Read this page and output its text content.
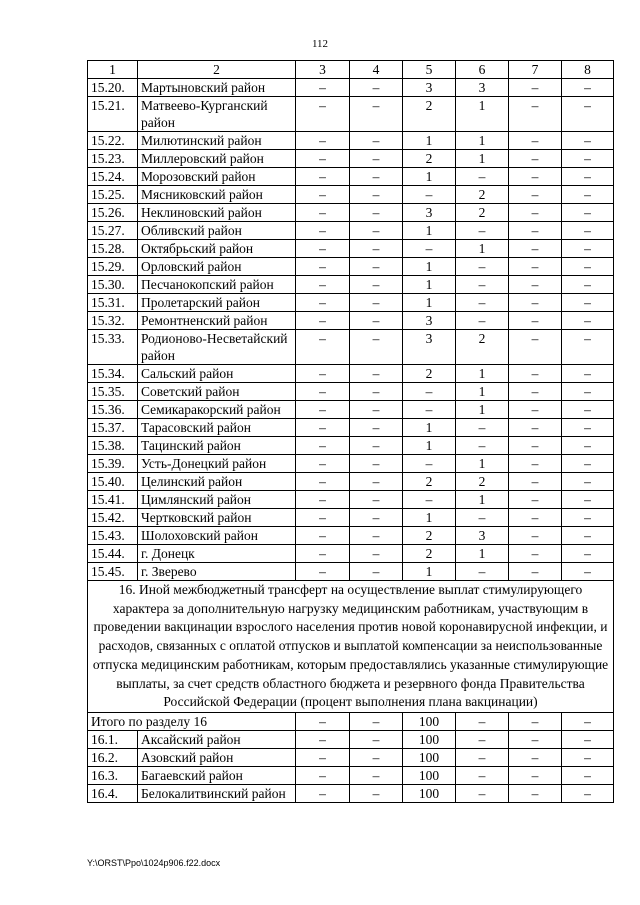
112
1	2	3	4	5	6	7	8
15.20.	Мартыновский район	–	–	3	3	–	–
15.21.	Матвеево-Курганский район	–	–	2	1	–	–
15.22.	Милютинский район	–	–	1	1	–	–
15.23.	Миллеровский район	–	–	2	1	–	–
15.24.	Морозовский район	–	–	1	–	–	–
15.25.	Мясниковский район	–	–	–	2	–	–
15.26.	Неклиновский район	–	–	3	2	–	–
15.27.	Обливский район	–	–	1	–	–	–
15.28.	Октябрьский район	–	–	–	1	–	–
15.29.	Орловский район	–	–	1	–	–	–
15.30.	Песчанокопский район	–	–	1	–	–	–
15.31.	Пролетарский район	–	–	1	–	–	–
15.32.	Ремонтненский район	–	–	3	–	–	–
15.33.	Родионово-Несветайский район	–	–	3	2	–	–
15.34.	Сальский район	–	–	2	1	–	–
15.35.	Советский район	–	–	–	1	–	–
15.36.	Семикаракорский район	–	–	–	1	–	–
15.37.	Тарасовский район	–	–	1	–	–	–
15.38.	Тацинский район	–	–	1	–	–	–
15.39.	Усть-Донецкий район	–	–	–	1	–	–
15.40.	Целинский район	–	–	2	2	–	–
15.41.	Цимлянский район	–	–	–	1	–	–
15.42.	Чертковский район	–	–	1	–	–	–
15.43.	Шолоховский район	–	–	2	3	–	–
15.44.	г. Донецк	–	–	2	1	–	–
15.45.	г. Зверево	–	–	1	–	–	–
16. Иной межбюджетный трансферт на осуществление выплат стимулирующего характера за дополнительную нагрузку медицинским работникам, участвующим в проведении вакцинации взрослого населения против новой коронавирусной инфекции, и расходов, связанных с оплатой отпусков и выплатой компенсации за неиспользованные отпуска медицинским работникам, которым предоставлялись указанные стимулирующие выплаты, за счет средств областного бюджета и резервного фонда Правительства Российской Федерации (процент выполнения плана вакцинации)							
Итого по разделу 16		–	–	100	–	–	–
16.1.	Аксайский район	–	–	100	–	–	–
16.2.	Азовский район	–	–	100	–	–	–
16.3.	Багаевский район	–	–	100	–	–	–
16.4.	Белокалитвинский район	–	–	100	–	–	–
Y:\ORST\Ppo\1024p906.f22.docx
